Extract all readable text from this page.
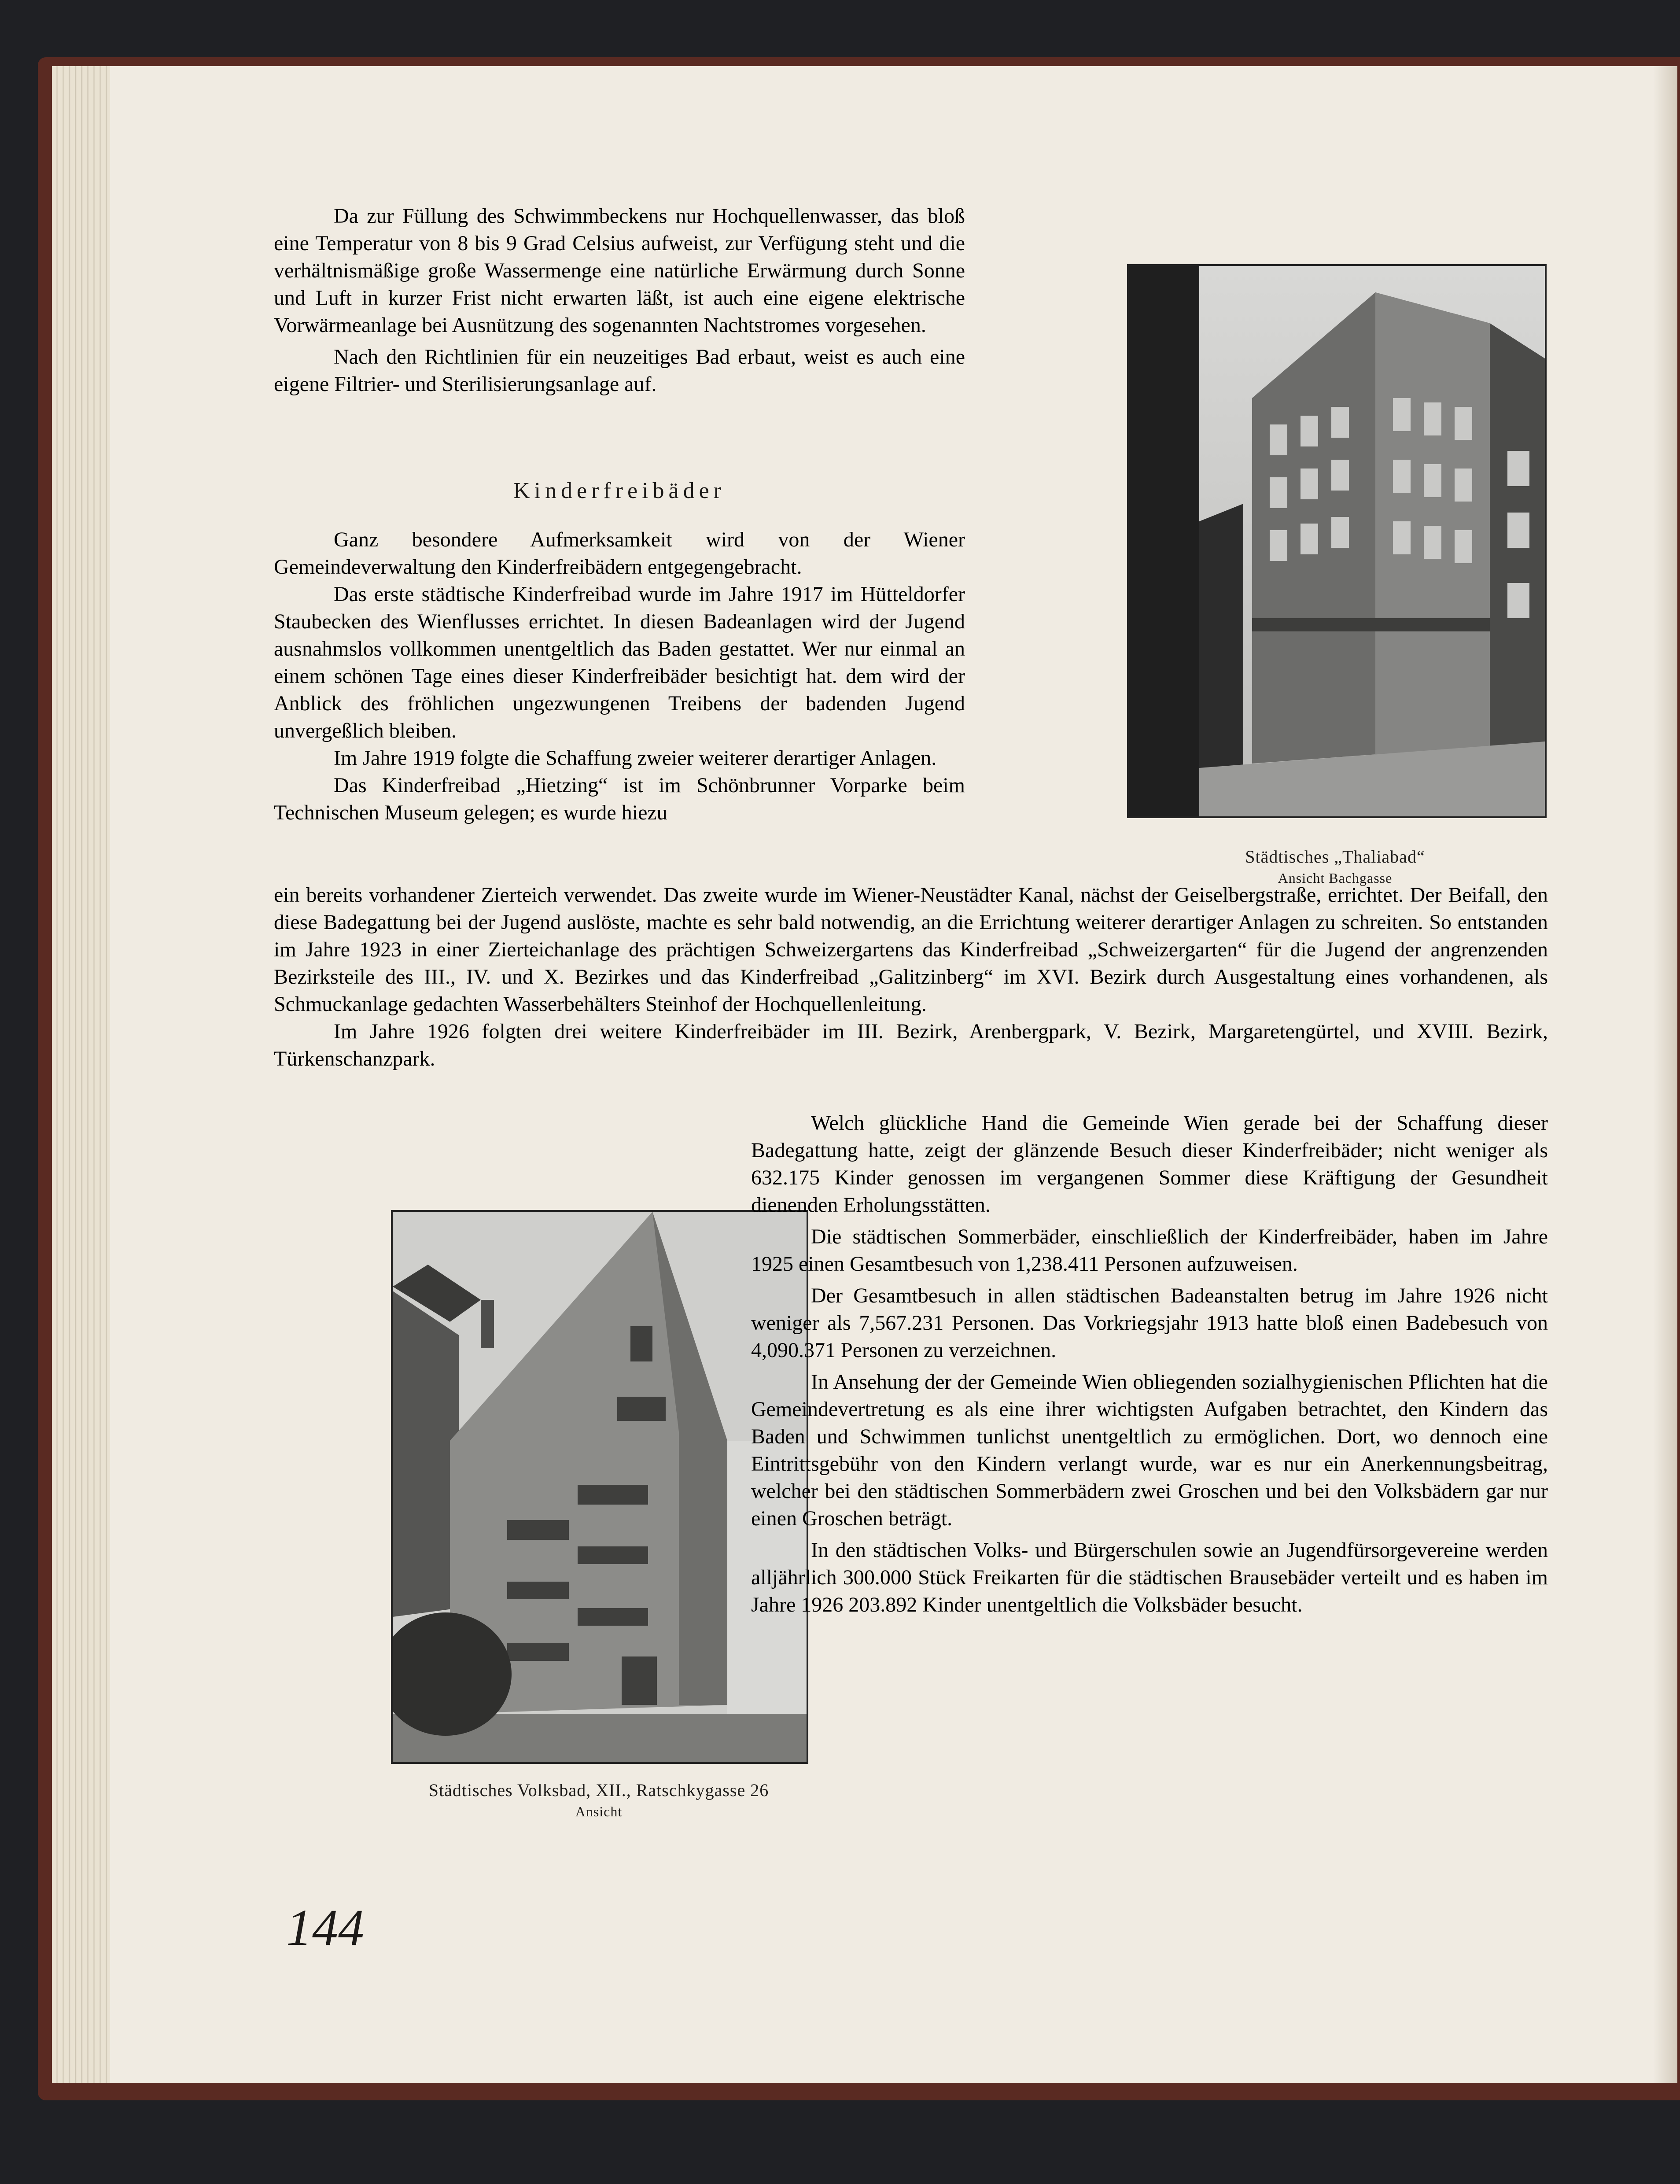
Da zur Füllung des Schwimmbeckens nur Hochquellenwasser, das bloß eine Temperatur von 8 bis 9 Grad Celsius aufweist, zur Verfügung steht und die verhältnismäßige große Wassermenge eine natürliche Erwärmung durch Sonne und Luft in kurzer Frist nicht erwarten läßt, ist auch eine eigene elektrische Vorwärmeanlage bei Ausnützung des sogenannten Nachtstromes vorgesehen.

Nach den Richtlinien für ein neuzeitiges Bad erbaut, weist es auch eine eigene Filtrier- und Sterilisierungsanlage auf.

Kinderfreibäder

Ganz besondere Aufmerksamkeit wird von der Wiener Gemeindeverwaltung den Kinderfreibädern entgegengebracht.

Das erste städtische Kinderfreibad wurde im Jahre 1917 im Hütteldorfer Staubecken des Wienflusses errichtet. In diesen Badeanlagen wird der Jugend ausnahmslos vollkommen unentgeltlich das Baden gestattet. Wer nur einmal an einem schönen Tage eines dieser Kinderfreibäder besichtigt hat. dem wird der Anblick des fröhlichen ungezwungenen Treibens der badenden Jugend unvergeßlich bleiben.

Im Jahre 1919 folgte die Schaffung zweier weiterer derartiger Anlagen.

Das Kinderfreibad „Hietzing“ ist im Schönbrunner Vorparke beim Technischen Museum gelegen; es wurde hiezu

Städtisches „Thaliabad“
Ansicht Bachgasse

ein bereits vorhandener Zierteich verwendet. Das zweite wurde im Wiener-Neustädter Kanal, nächst der Geiselbergstraße, errichtet. Der Beifall, den diese Badegattung bei der Jugend auslöste, machte es sehr bald notwendig, an die Errichtung weiterer derartiger Anlagen zu schreiten. So entstanden im Jahre 1923 in einer Zierteichanlage des prächtigen Schweizergartens das Kinderfreibad „Schweizergarten“ für die Jugend der angrenzenden Bezirksteile des III., IV. und X. Bezirkes und das Kinderfreibad „Galitzinberg“ im XVI. Bezirk durch Ausgestaltung eines vorhandenen, als Schmuckanlage gedachten Wasserbehälters Steinhof der Hochquellenleitung.

Im Jahre 1926 folgten drei weitere Kinderfreibäder im III. Bezirk, Arenbergpark, V. Bezirk, Margaretengürtel, und XVIII. Bezirk, Türkenschanzpark.

Städtisches Volksbad, XII., Ratschkygasse 26
Ansicht

Welch glückliche Hand die Gemeinde Wien gerade bei der Schaffung dieser Badegattung hatte, zeigt der glänzende Besuch dieser Kinderfreibäder; nicht weniger als 632.175 Kinder genossen im vergangenen Sommer diese Kräftigung der Gesundheit dienenden Erholungsstätten.

Die städtischen Sommerbäder, einschließlich der Kinderfreibäder, haben im Jahre 1925 einen Gesamtbesuch von 1,238.411 Personen aufzuweisen.

Der Gesamtbesuch in allen städtischen Badeanstalten betrug im Jahre 1926 nicht weniger als 7,567.231 Personen. Das Vorkriegsjahr 1913 hatte bloß einen Badebesuch von 4,090.371 Personen zu verzeichnen.

In Ansehung der der Gemeinde Wien obliegenden sozialhygienischen Pflichten hat die Gemeindevertretung es als eine ihrer wichtigsten Aufgaben betrachtet, den Kindern das Baden und Schwimmen tunlichst unentgeltlich zu ermöglichen. Dort, wo dennoch eine Eintrittsgebühr von den Kindern verlangt wurde, war es nur ein Anerkennungsbeitrag, welcher bei den städtischen Sommerbädern zwei Groschen und bei den Volksbädern gar nur einen Groschen beträgt.

In den städtischen Volks- und Bürgerschulen sowie an Jugendfürsorgevereine werden alljährlich 300.000 Stück Freikarten für die städtischen Brausebäder verteilt und es haben im Jahre 1926 203.892 Kinder unentgeltlich die Volksbäder besucht.

144
